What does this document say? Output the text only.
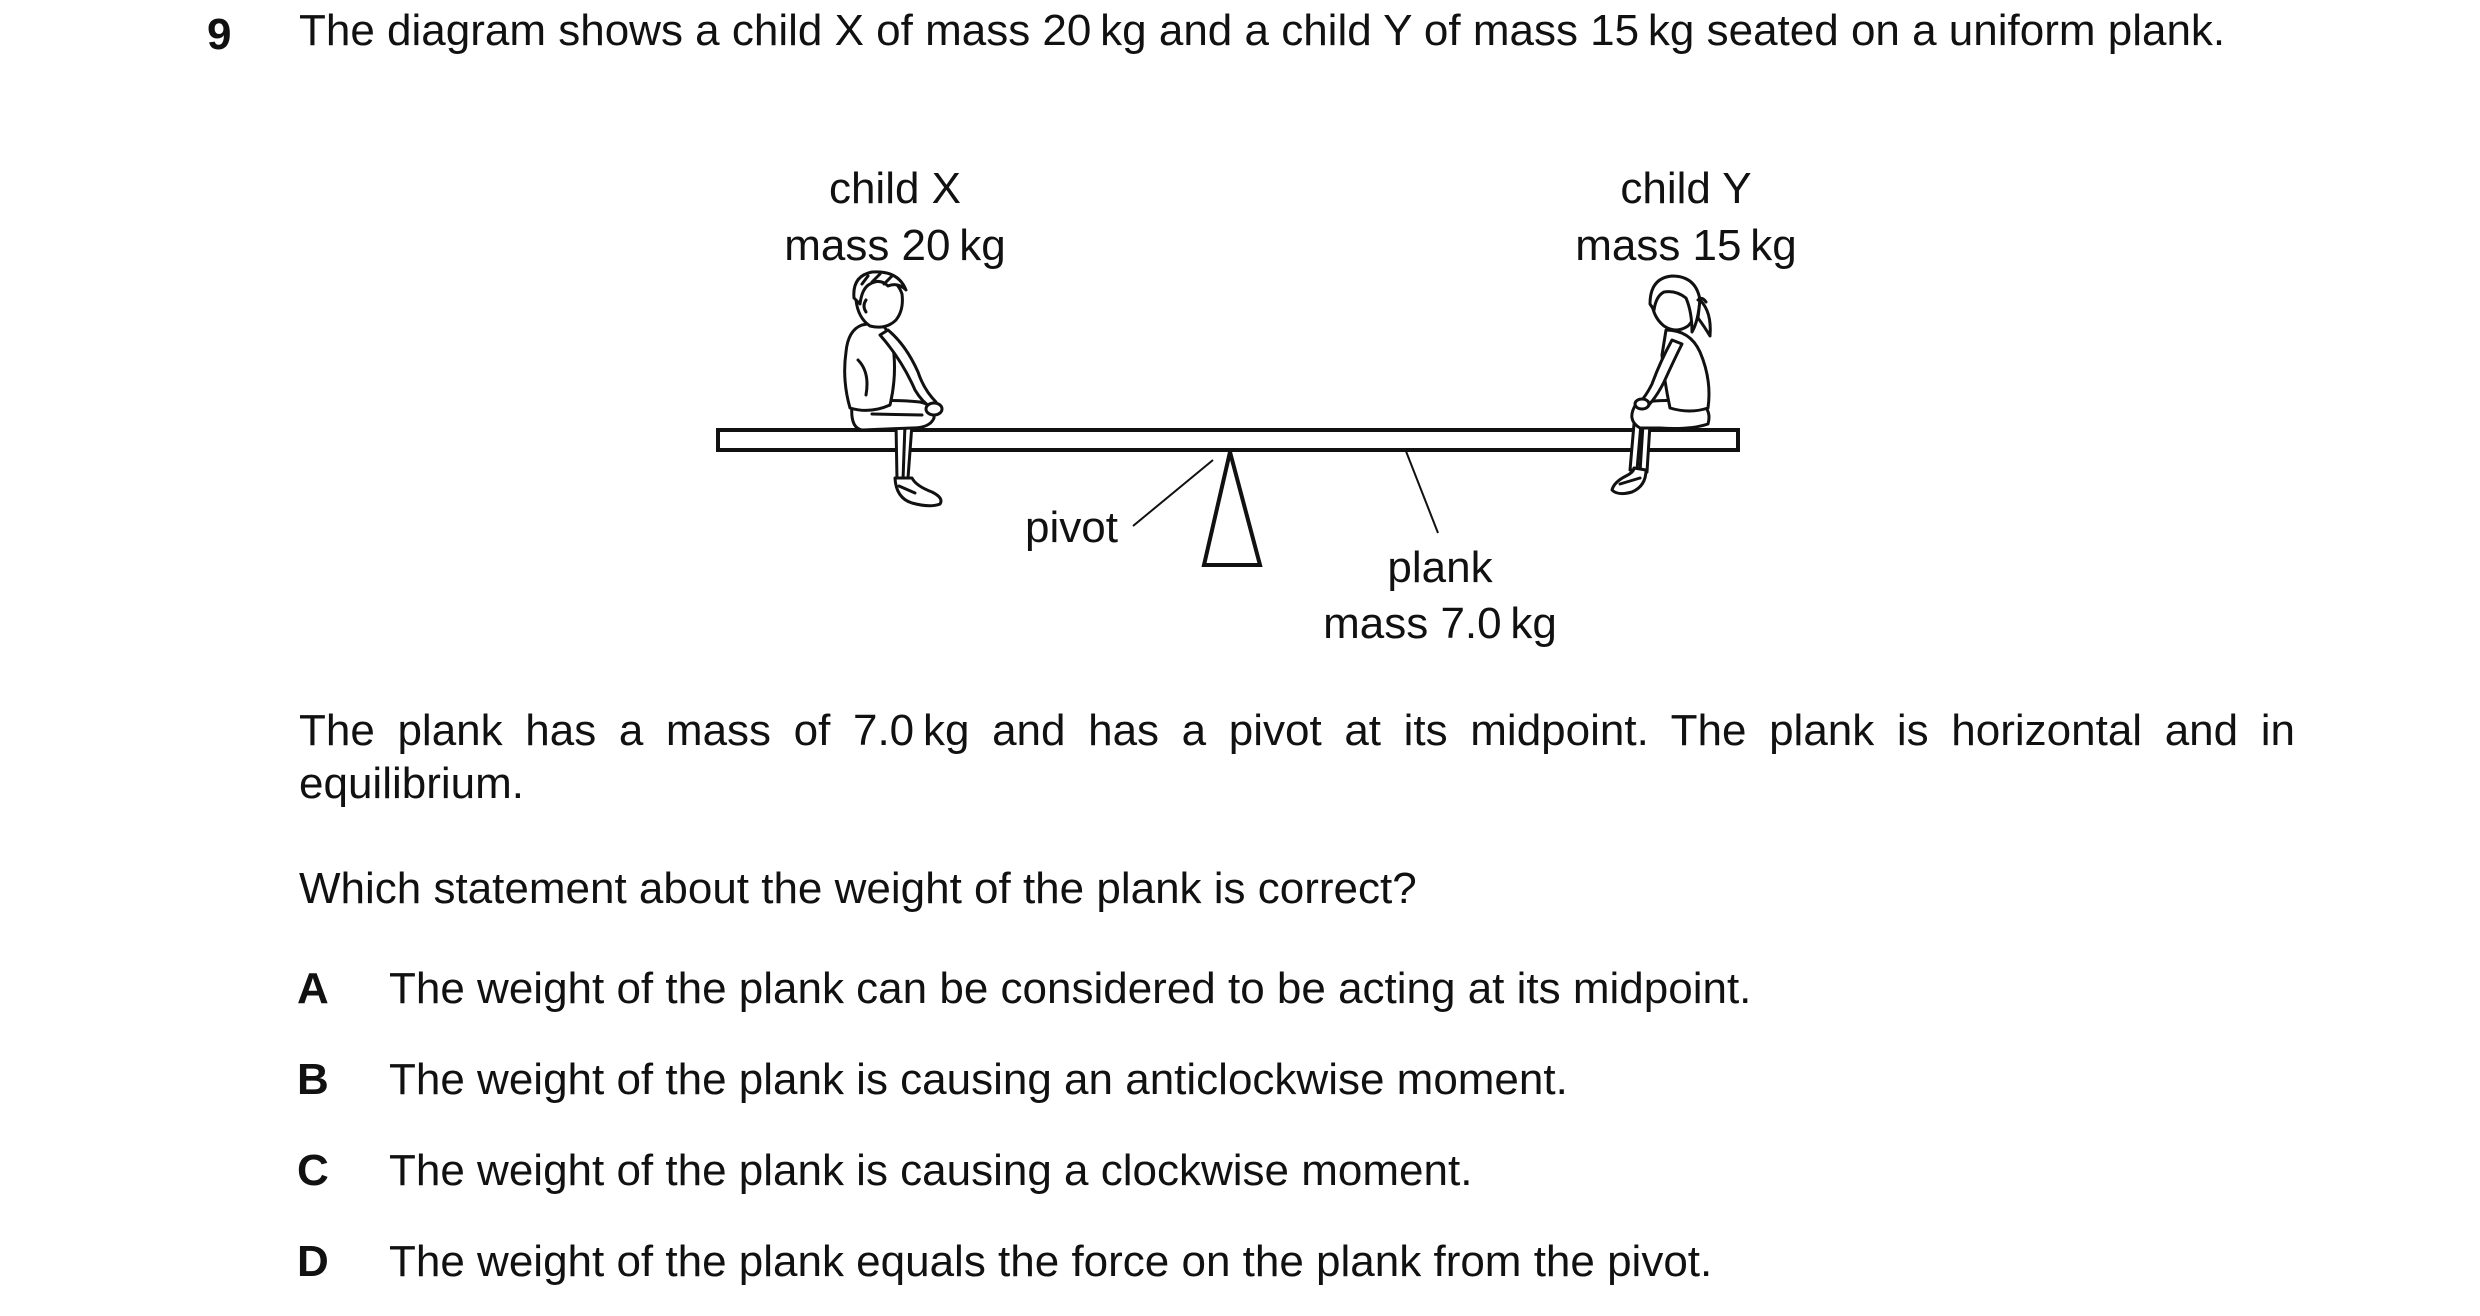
9 The diagram shows a child X of mass 20 kg and a child Y of mass 15 kg seated on a uniform plank.
child X
mass 20 kg
child Y
mass 15 kg
pivot
plank
mass 7.0 kg
The plank has a mass of 7.0 kg and has a pivot at its midpoint. The plank is horizontal and in equilibrium.
Which statement about the weight of the plank is correct?
A The weight of the plank can be considered to be acting at its midpoint.
B The weight of the plank is causing an anticlockwise moment.
C The weight of the plank is causing a clockwise moment.
D The weight of the plank equals the force on the plank from the pivot.
